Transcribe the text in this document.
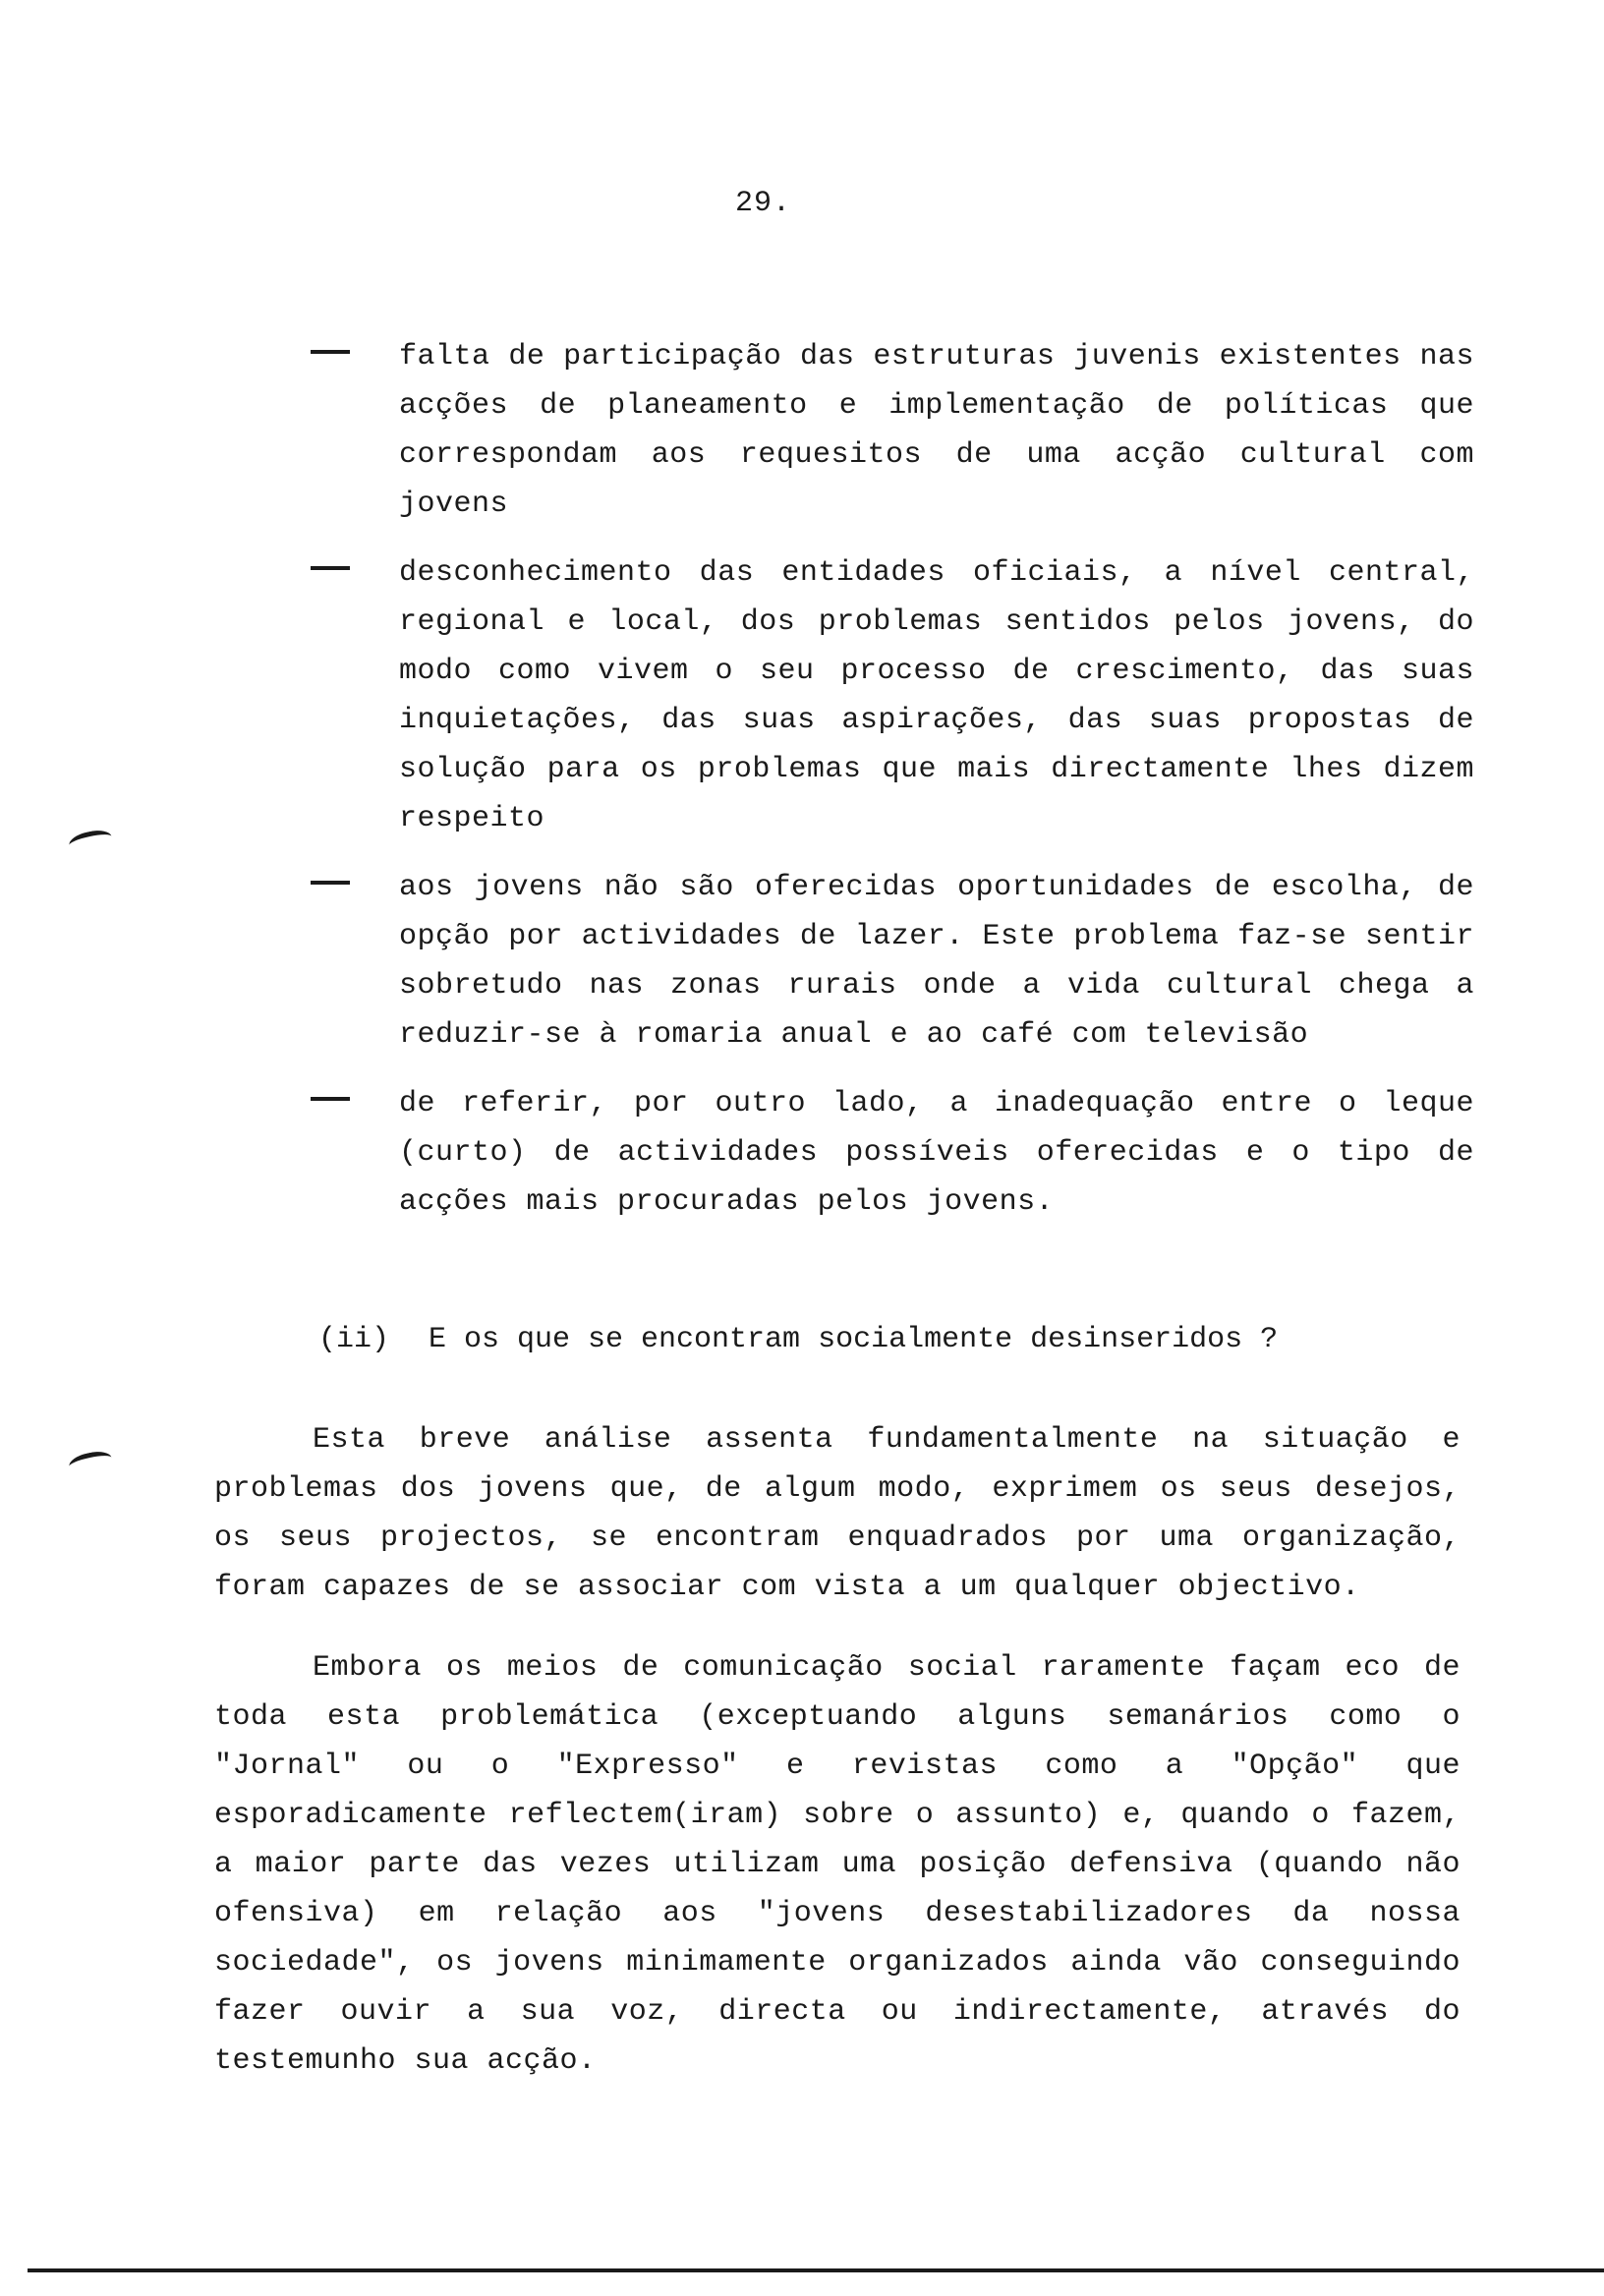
29.
falta de participação das estruturas juvenis existentes nas acções de planeamento e implementação de políticas que correspondam aos requesitos de uma acção cultural com jovens
desconhecimento das entidades oficiais, a nível central, regional e local, dos problemas sentidos pelos jovens, do modo como vivem o seu processo de crescimento, das suas inquietações, das suas aspirações, das suas propostas de solução para os problemas que mais directamente lhes dizem respeito
aos jovens não são oferecidas oportunidades de escolha, de opção por actividades de lazer. Este problema faz-se sentir sobretudo nas zonas rurais onde a vida cultural chega a reduzir-se à romaria anual e ao café com televisão
de referir, por outro lado, a inadequação entre o leque (curto) de actividades possíveis oferecidas e o tipo de acções mais procuradas pelos jovens.
(ii) E os que se encontram socialmente desinseridos ?

Esta breve análise assenta fundamentalmente na situação e problemas dos jovens que, de algum modo, exprimem os seus desejos, os seus projectos, se encontram enquadrados por uma organização, foram capazes de se associar com vista a um qualquer objectivo.

Embora os meios de comunicação social raramente façam eco de toda esta problemática (exceptuando alguns semanários como o "Jornal" ou o "Expresso" e revistas como a "Opção" que esporadicamente reflectem(iram) sobre o assunto) e, quando o fazem, a maior parte das vezes utilizam uma posição defensiva (quando não ofensiva) em relação aos "jovens desestabilizadores da nossa sociedade", os jovens minimamente organizados ainda vão conseguindo fazer ouvir a sua voz, directa ou indirectamente, através do testemunho sua acção.
